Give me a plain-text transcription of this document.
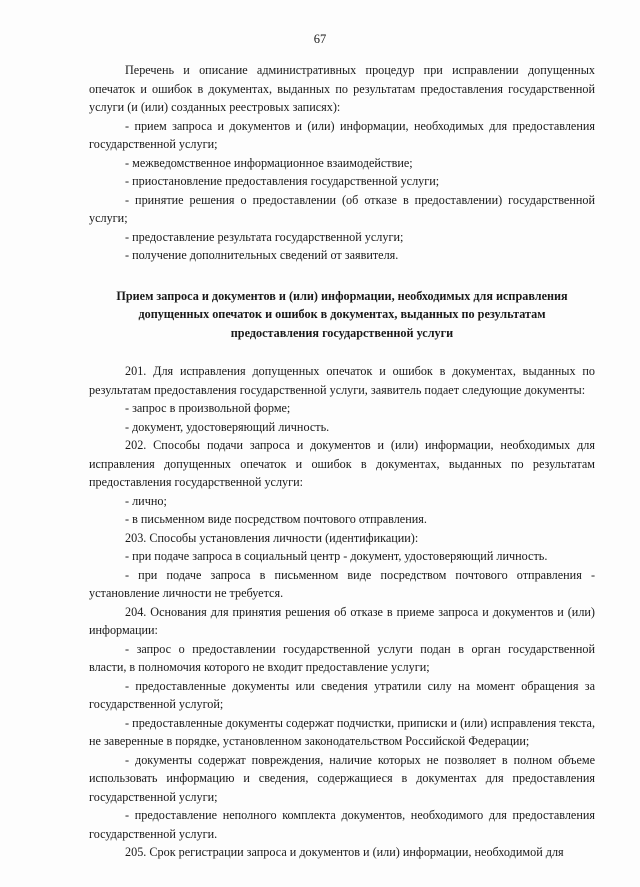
67

Перечень и описание административных процедур при исправлении допущенных опечаток и ошибок в документах, выданных по результатам предоставления государственной услуги (и (или) созданных реестровых записях):

- прием запроса и документов и (или) информации, необходимых для предоставления государственной услуги;

- межведомственное информационное взаимодействие;

- приостановление предоставления государственной услуги;

- принятие решения о предоставлении (об отказе в предоставлении) государственной услуги;

- предоставление результата государственной услуги;

- получение дополнительных сведений от заявителя.

Прием запроса и документов и (или) информации, необходимых для исправления допущенных опечаток и ошибок в документах, выданных по результатам предоставления государственной услуги

201. Для исправления допущенных опечаток и ошибок в документах, выданных по результатам предоставления государственной услуги, заявитель подает следующие документы:

- запрос в произвольной форме;

- документ, удостоверяющий личность.

202. Способы подачи запроса и документов и (или) информации, необходимых для исправления допущенных опечаток и ошибок в документах, выданных по результатам предоставления государственной услуги:

- лично;

- в письменном виде посредством почтового отправления.

203. Способы установления личности (идентификации):

- при подаче запроса в социальный центр - документ, удостоверяющий личность.

- при подаче запроса в письменном виде посредством почтового отправления - установление личности не требуется.

204. Основания для принятия решения об отказе в приеме запроса и документов и (или) информации:

- запрос о предоставлении государственной услуги подан в орган государственной власти, в полномочия которого не входит предоставление услуги;

- предоставленные документы или сведения утратили силу на момент обращения за государственной услугой;

- предоставленные документы содержат подчистки, приписки и (или) исправления текста, не заверенные в порядке, установленном законодательством Российской Федерации;

- документы содержат повреждения, наличие которых не позволяет в полном объеме использовать информацию и сведения, содержащиеся в документах для предоставления государственной услуги;

- предоставление неполного комплекта документов, необходимого для предоставления государственной услуги.

205. Срок регистрации запроса и документов и (или) информации, необходимой для
